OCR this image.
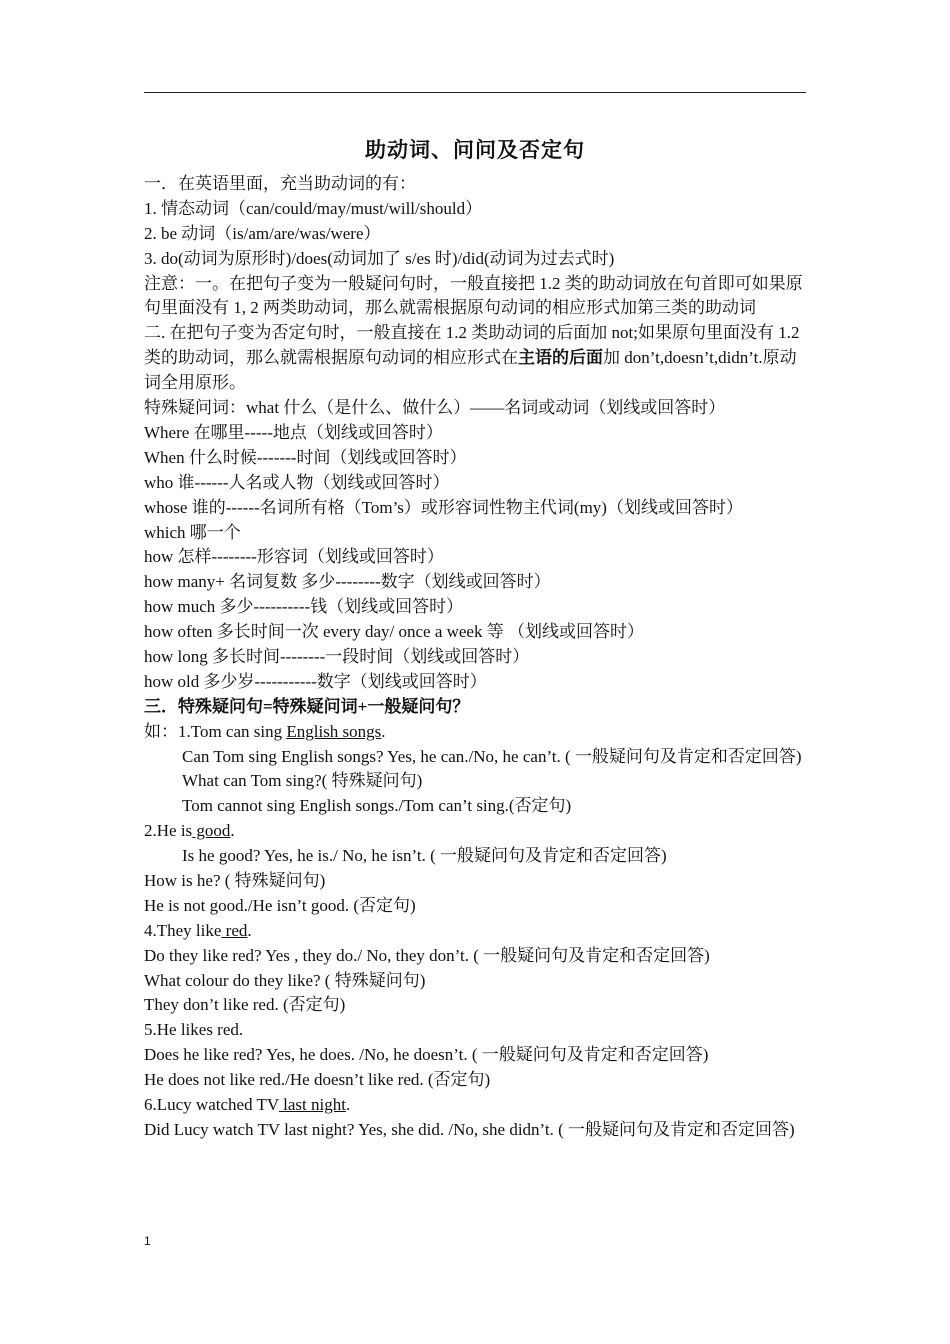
助动词、问问及否定句
一．在英语里面，充当助动词的有：
1. 情态动词（can/could/may/must/will/should）
2. be 动词（is/am/are/was/were）
3. do(动词为原形时)/does(动词加了 s/es 时)/did(动词为过去式时)
注意：一。在把句子变为一般疑问句时，一般直接把 1.2 类的助动词放在句首即可如果原句里面没有 1, 2 两类助动词，那么就需根据原句动词的相应形式加第三类的助动词
二. 在把句子变为否定句时，一般直接在 1.2 类助动词的后面加 not;如果原句里面没有 1.2 类的助动词，那么就需根据原句动词的相应形式在主语的后面加 don’t,doesn’t,didn’t.原动词全用原形。
特殊疑问词：what 什么（是什么、做什么）——名词或动词（划线或回答时）
Where 在哪里-----地点（划线或回答时）
When 什么时候-------时间（划线或回答时）
who 谁------人名或人物（划线或回答时）
whose 谁的------名词所有格（Tom’s）或形容词性物主代词(my)（划线或回答时）
which 哪一个
how 怎样--------形容词（划线或回答时）
how many+ 名词复数 多少--------数字（划线或回答时）
how much 多少----------钱（划线或回答时）
how often 多长时间一次 every day/ once a week 等 （划线或回答时）
how long 多长时间--------一段时间（划线或回答时）
how old 多少岁-----------数字（划线或回答时）
三．特殊疑问句=特殊疑问词+一般疑问句？
如：1.Tom can sing English songs.
Can Tom sing English songs? Yes, he can./No, he can’t. ( 一般疑问句及肯定和否定回答)
What can Tom sing?( 特殊疑问句)
Tom cannot sing English songs./Tom can’t sing.(否定句)
2.He is good.
Is he good? Yes, he is./ No, he isn’t. ( 一般疑问句及肯定和否定回答)
How is he? ( 特殊疑问句)
He is not good./He isn’t good. (否定句)
4.They like red.
Do they like red? Yes , they do./ No, they don’t. ( 一般疑问句及肯定和否定回答)
What colour do they like? ( 特殊疑问句)
They don’t like red. (否定句)
5.He likes red.
Does he like red? Yes, he does. /No, he doesn’t. ( 一般疑问句及肯定和否定回答)
He does not like red./He doesn’t like red. (否定句)
6.Lucy watched TV last night.
Did Lucy watch TV last night? Yes, she did. /No, she didn’t. ( 一般疑问句及肯定和否定回答)
1
